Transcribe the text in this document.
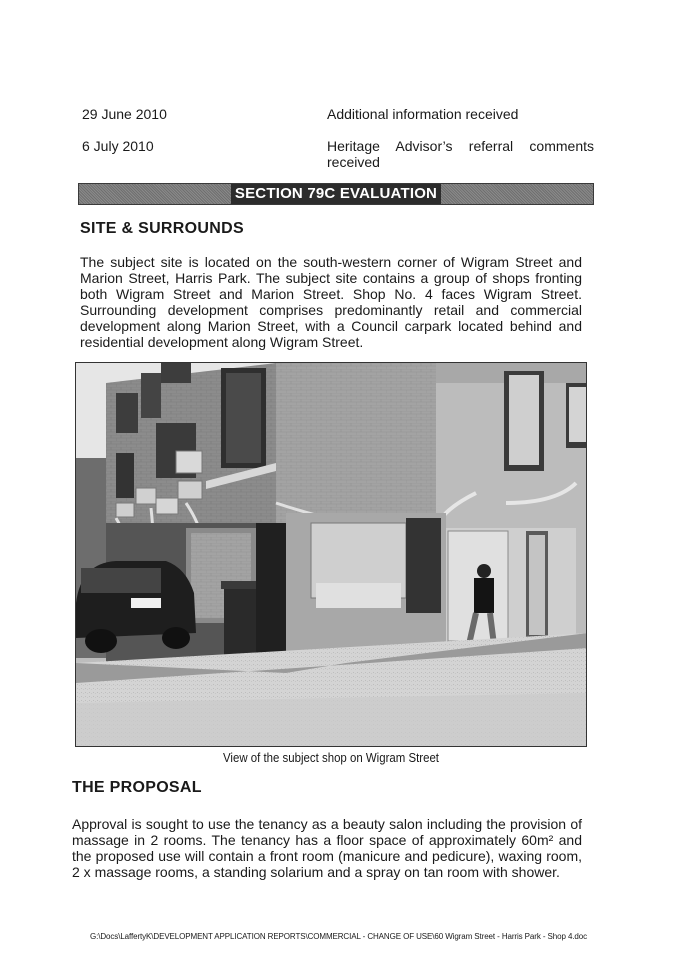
29 June 2010	Additional information received
6 July 2010	Heritage Advisor’s referral comments
received
SECTION 79C EVALUATION
SITE & SURROUNDS
The subject site is located on the south-western corner of Wigram Street and Marion Street, Harris Park. The subject site contains a group of shops fronting both Wigram Street and Marion Street. Shop No. 4 faces Wigram Street. Surrounding development comprises predominantly retail and commercial development along Marion Street, with a Council carpark located behind and residential development along Wigram Street.
View of the subject shop on Wigram Street
THE PROPOSAL
Approval is sought to use the tenancy as a beauty salon including the provision of massage in 2 rooms. The tenancy has a floor space of approximately 60m² and the proposed use will contain a front room (manicure and pedicure), waxing room, 2 x massage rooms, a standing solarium and a spray on tan room with shower.
G:\Docs\LaffertyK\DEVELOPMENT APPLICATION REPORTS\COMMERCIAL - CHANGE OF USE\60 Wigram Street - Harris Park - Shop 4.doc
